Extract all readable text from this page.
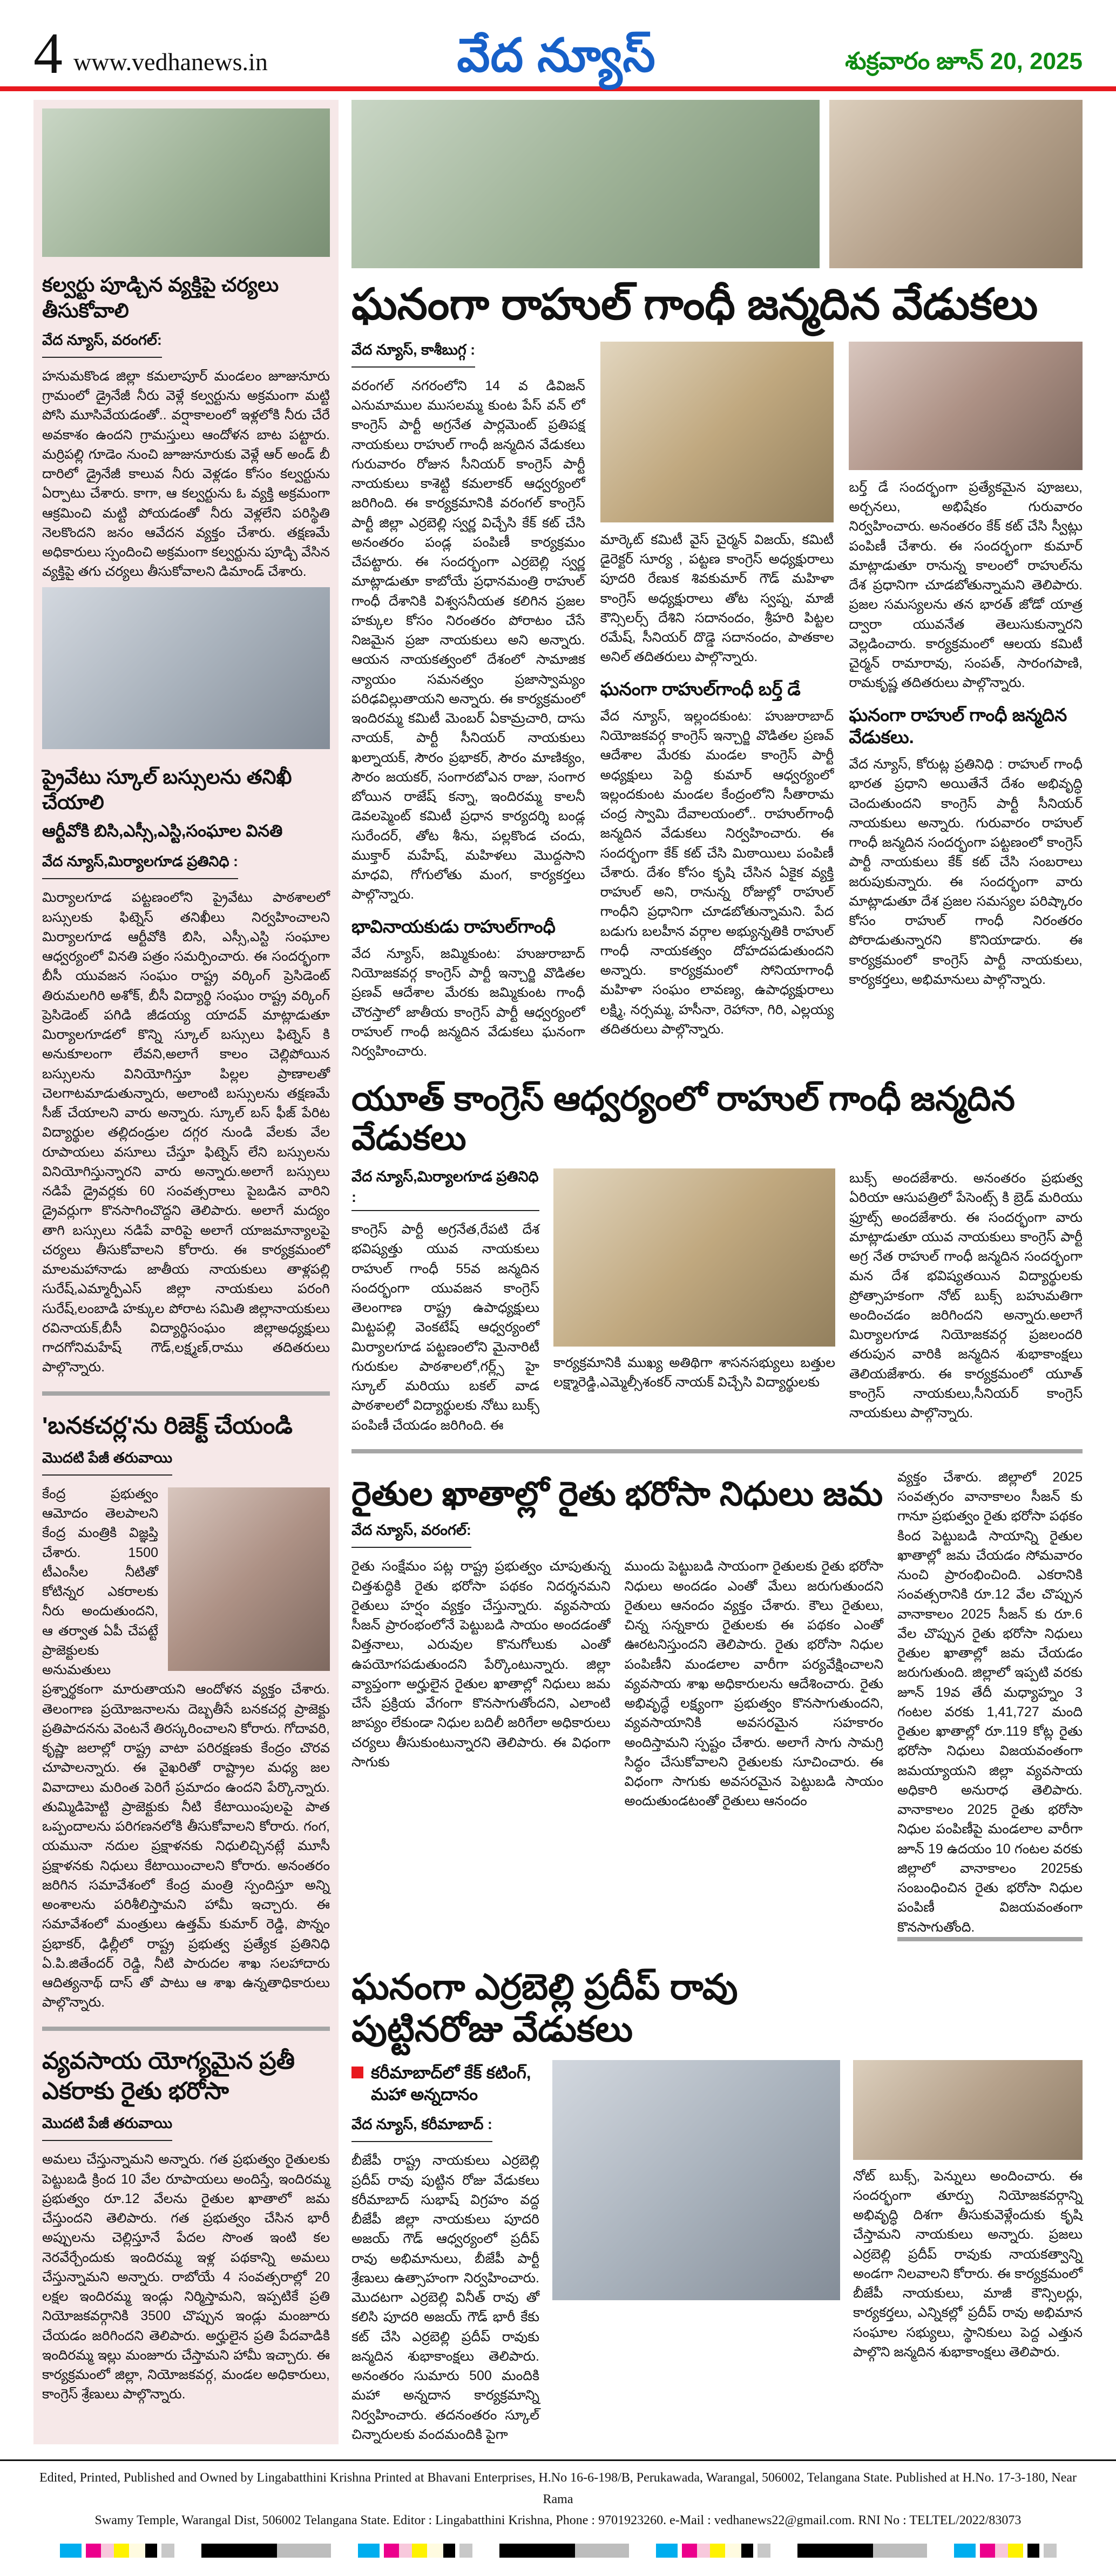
4 www.vedhanews.in	వేద న్యూస్	శుక్రవారం జూన్ 20, 2025
కల్వర్టు పూడ్చిన వ్యక్తిపై చర్యలు తీసుకోవాలి
వేద న్యూస్, వరంగల్:
హనుమకొండ జిల్లా కమలాపూర్ మండలం జూజునూరు గ్రామంలో డ్రైనేజీ నీరు వెళ్లే కల్వర్టును అక్రమంగా మట్టి పోసి మూసివేయడంతో.. వర్షాకాలంలో ఇళ్లలోకి నీరు చేరే అవకాశం ఉందని గ్రామస్తులు ఆందోళన బాట పట్టారు. మర్రిపల్లి గూడెం నుంచి జూజునూరుకు వెళ్లే ఆర్ అండ్ బీ దారిలో డ్రైనేజీ కాలువ నీరు వెళ్లడం కోసం కల్వర్టును ఏర్పాటు చేశారు. కాగా, ఆ కల్వర్టును ఓ వ్యక్తి అక్రమంగా ఆక్రమించి మట్టి పోయడంతో నీరు వెళ్లలేని పరిస్థితి నెలకొందని జనం ఆవేదన వ్యక్తం చేశారు. తక్షణమే అధికారులు స్పందించి అక్రమంగా కల్వర్టును పూడ్చి వేసిన వ్యక్తిపై తగు చర్యలు తీసుకోవాలని డిమాండ్ చేశారు.
ప్రైవేటు స్కూల్ బస్సులను తనిఖీ చేయాలి
ఆర్టీవోకి బిసి,ఎస్సీ,ఎస్టి,సంఘాల వినతి
వేద న్యూస్,మిర్యాలగూడ ప్రతినిధి :
మిర్యాలగూడ పట్టణంలోని ప్రైవేటు పాఠశాలలో బస్సులకు ఫిట్నెస్ తనిఖీలు నిర్వహించాలని మిర్యాలగూడ ఆర్టీవోకి బిసి, ఎస్సీ,ఎస్టి సంఘాల ఆధ్వర్యంలో వినతి పత్రం సమర్పించారు. ఈ సందర్భంగా బీసీ యువజన సంఘం రాష్ట్ర వర్కింగ్ ప్రెసిడెంట్ తిరుమలగిరి అశోక్, బీసీ విద్యార్థి సంఘం రాష్ట్ర వర్కింగ్ ప్రెసిడెంట్ పగిడి జీడయ్య యాదవ్ మాట్లాడుతూ మిర్యాలగూడలో కొన్ని స్కూల్ బస్సులు ఫిట్నెస్ కి అనుకూలంగా లేవని,అలాగే కాలం చెల్లిపోయిన బస్సులను వినియోగిస్తూ పిల్లల ప్రాణాలతో చెలగాటమాడుతున్నారు, అలాంటి బస్సులను తక్షణమే సీజ్ చేయాలని వారు అన్నారు. స్కూల్ బస్ ఫీజ్ పేరిట విద్యార్థుల తల్లిదండ్రుల దగ్గర నుండి వేలకు వేల రూపాయలు వసూలు చేస్తూ ఫిట్నెస్ లేని బస్సులను వినియోగిస్తున్నారని వారు అన్నారు.అలాగే బస్సులు నడిపే డ్రైవర్లకు 60 సంవత్సరాలు పైబడిన వారిని డ్రైవర్లుగా కొనసాగించొద్దని తెలిపారు. అలాగే మద్యం తాగి బస్సులు నడిపే వారిపై అలాగే యాజమాన్యాలపై చర్యలు తీసుకోవాలని కోరారు. ఈ కార్యక్రమంలో మాలమహానాడు జాతీయ నాయకులు తాళ్లపల్లి సురేష్,ఎమ్మార్పీఎస్ జిల్లా నాయకులు పరంగి సురేష్,లంబాడి హక్కుల పోరాట సమితి జిల్లానాయకులు రవినాయక్,బీసీ విద్యార్థిసంఘం జిల్లాఅధ్యక్షులు గాదగోనిమహేష్ గౌడ్,లక్ష్మణ్,రాము తదితరులు పాల్గొన్నారు.
'బనకచర్ల'ను రిజెక్ట్ చేయండి
మొదటి పేజీ తరువాయి
కేంద్ర ప్రభుత్వం ఆమోదం తెలపాలని కేంద్ర మంత్రికి విజ్ఞప్తి చేశారు. 1500 టీఎంసీల నీటితో కోటిన్నర ఎకరాలకు నీరు అందుతుందని, ఆ తర్వాత ఏపీ చేపట్టే ప్రాజెక్టులకు అనుమతులు ప్రశ్నార్థకంగా మారుతాయని ఆందోళన వ్యక్తం చేశారు. తెలంగాణ ప్రయోజనాలను దెబ్బతీసే బనకచర్ల ప్రాజెక్టు ప్రతిపాదనను వెంటనే తిరస్కరించాలని కోరారు. గోదావరి, కృష్ణా జలాల్లో రాష్ట్ర వాటా పరిరక్షణకు కేంద్రం చొరవ చూపాలన్నారు. ఈ వైఖరితో రాష్ట్రాల మధ్య జల వివాదాలు మరింత పెరిగే ప్రమాదం ఉందని పేర్కొన్నారు. తుమ్మిడిహెట్టి ప్రాజెక్టుకు నీటి కేటాయింపులపై పాత ఒప్పందాలను పరిగణనలోకి తీసుకోవాలని కోరారు. గంగ, యమునా నదుల ప్రక్షాళనకు నిధులిచ్చినట్లే మూసీ ప్రక్షాళనకు నిధులు కేటాయించాలని కోరారు. అనంతరం జరిగిన సమావేశంలో కేంద్ర మంత్రి స్పందిస్తూ అన్ని అంశాలను పరిశీలిస్తామని హామీ ఇచ్చారు. ఈ సమావేశంలో మంత్రులు ఉత్తమ్ కుమార్ రెడ్డి, పొన్నం ప్రభాకర్, ఢిల్లీలో రాష్ట్ర ప్రభుత్వ ప్రత్యేక ప్రతినిధి ఏ.పి.జితేందర్ రెడ్డి, నీటి పారుదల శాఖ సలహాదారు ఆదిత్యనాథ్ దాస్ తో పాటు ఆ శాఖ ఉన్నతాధికారులు పాల్గొన్నారు.
వ్యవసాయ యోగ్యమైన ప్రతీ ఎకరాకు రైతు భరోసా
మొదటి పేజీ తరువాయి
అమలు చేస్తున్నామని అన్నారు. గత ప్రభుత్వం రైతులకు పెట్టుబడి క్రింద 10 వేల రూపాయలు అందిస్తే, ఇందిరమ్మ ప్రభుత్వం రూ.12 వేలను రైతుల ఖాతాలో జమ చేస్తుందని తెలిపారు. గత ప్రభుత్వం చేసిన భారీ అప్పులను చెల్లిస్తూనే పేదల సొంత ఇంటి కల నెరవేర్చేందుకు ఇందిరమ్మ ఇళ్ల పథకాన్ని అమలు చేస్తున్నామని అన్నారు. రాబోయే 4 సంవత్సరాల్లో 20 లక్షల ఇందిరమ్మ ఇండ్లు నిర్మిస్తామని, ఇప్పటికే ప్రతి నియోజకవర్గానికి 3500 చొప్పున ఇండ్లు మంజూరు చేయడం జరిగిందని తెలిపారు. అర్హులైన ప్రతి పేదవాడికి ఇందిరమ్మ ఇల్లు మంజూరు చేస్తామని హామీ ఇచ్చారు. ఈ కార్యక్రమంలో జిల్లా, నియోజకవర్గ, మండల అధికారులు, కాంగ్రెస్ శ్రేణులు పాల్గొన్నారు.
ఘనంగా రాహుల్ గాంధీ జన్మదిన వేడుకలు
వేద న్యూస్, కాశీబుగ్గ :
వరంగల్ నగరంలోని 14 వ డివిజన్ ఎనుమాముల ముసలమ్మ కుంట పేస్ వన్ లో కాంగ్రెస్ పార్టీ అగ్రనేత పార్లమెంట్ ప్రతిపక్ష నాయకులు రాహుల్ గాంధీ జన్మదిన వేడుకలు గురువారం రోజున సీనియర్ కాంగ్రెస్ పార్టీ నాయకులు కాశెట్టి కమలాకర్ ఆధ్వర్యంలో జరిగింది. ఈ కార్యక్రమానికి వరంగల్ కాంగ్రెస్ పార్టీ జిల్లా ఎర్రబెల్లి స్వర్ణ విచ్చేసి కేక్ కట్ చేసి అనంతరం పండ్ల పంపిణీ కార్యక్రమం చేపట్టారు. ఈ సందర్భంగా ఎర్రబెల్లి స్వర్ణ మాట్లాడుతూ కాబోయే ప్రధానమంత్రి రాహుల్ గాంధీ దేశానికి విశ్వసనీయత కలిగిన ప్రజల హక్కుల కోసం నిరంతరం పోరాటం చేసే నిజమైన ప్రజా నాయకులు అని అన్నారు. ఆయన నాయకత్వంలో దేశంలో సామాజిక న్యాయం సమనత్వం ప్రజాస్వామ్యం పరిఢవిల్లుతాయని అన్నారు. ఈ కార్యక్రమంలో ఇందిరమ్మ కమిటీ మెంబర్ ఏకామ్రచారి, దాసు నాయక్, పార్టీ సీనియర్ నాయకులు ఖల్నాయక్, సౌరం ప్రభాకర్, సౌరం మాణిక్యం, సౌరం జయకర్, సంగారబోఎన రాజు, సంగార బోయిన రాజేష్ కన్నా, ఇందిరమ్మ కాలనీ డెవలప్మెంట్ కమిటీ ప్రధాన కార్యదర్శి బండ్ల సురేందర్, తోట శీను, పల్లకొండ చందు, ముక్తార్ మహేష్, మహిళలు మొద్దసాని మాధవి, గోగులోతు మంగ, కార్యకర్తలు పాల్గొన్నారు.
భావినాయకుడు రాహుల్‌గాంధీ
వేద న్యూస్, జమ్మికుంట: హుజురాబాద్ నియోజకవర్గ కాంగ్రెస్ పార్టీ ఇన్చార్జి వొడితల ప్రణవ్ ఆదేశాల మేరకు జమ్మికుంట గాంధీ చౌరస్తాలో జాతీయ కాంగ్రెస్ పార్టీ ఆధ్వర్యంలో రాహుల్ గాంధీ జన్మదిన వేడుకలు ఘనంగా నిర్వహించారు.
మార్కెట్ కమిటీ వైస్ చైర్మన్ విజయ్, కమిటీ డైరెక్టర్ సూర్య , పట్టణ కాంగ్రెస్ అధ్యక్షురాలు పూదరి రేణుక శివకుమార్ గౌడ్ మహిళా కాంగ్రెస్ అధ్యక్షురాలు తోట స్వప్న, మాజీ కౌన్సిలర్స్ దేశిని సదానందం, శ్రీహరి పిట్టల రమేష్, సీనియర్ దొడ్డె సదానందం, పాతకాల అనిల్ తదితరులు పాల్గొన్నారు.
ఘనంగా రాహుల్‌గాంధీ బర్త్ డే
వేద న్యూస్, ఇల్లందకుంట: హుజురాబాద్ నియోజకవర్గ కాంగ్రెస్ ఇన్చార్జి వొడితల ప్రణవ్ ఆదేశాల మేరకు మండల కాంగ్రెస్ పార్టీ అధ్యక్షులు పెద్ది కుమార్ ఆధ్వర్యంలో ఇల్లందకుంట మండల కేంద్రంలోని సీతారామ చంద్ర స్వామి దేవాలయంలో.. రాహుల్‌గాంధీ జన్మదిన వేడుకలు నిర్వహించారు. ఈ సందర్భంగా కేక్ కట్ చేసి మిఠాయిలు పంపిణీ చేశారు. దేశం కోసం కృషి చేసిన ఏకైక వ్యక్తి రాహుల్ అని, రానున్న రోజుల్లో రాహుల్ గాంధీని ప్రధానిగా చూడబోతున్నామని. పేద బడుగు బలహీన వర్గాల అభ్యున్నతికి రాహుల్ గాంధీ నాయకత్వం దోహదపడుతుందని అన్నారు. కార్యక్రమంలో సోనియాగాంధీ మహిళా సంఘం లావణ్య, ఉపాధ్యక్షురాలు లక్ష్మి, నర్సమ్మ, హసీనా, రెహానా, గిరి, ఎల్లయ్య తదితరులు పాల్గొన్నారు.
బర్త్ డే సందర్భంగా ప్రత్యేకమైన పూజలు, అర్చనలు, అభిషేకం గురువారం నిర్వహించారు. అనంతరం కేక్ కట్ చేసి స్వీట్లు పంపిణీ చేశారు. ఈ సందర్భంగా కుమార్ మాట్లాడుతూ రానున్న కాలంలో రాహుల్‌ను దేశ ప్రధానిగా చూడబోతున్నామని తెలిపారు. ప్రజల సమస్యలను తన భారత్ జోడో యాత్ర ద్వారా యువనేత తెలుసుకున్నారని వెల్లడించారు. కార్యక్రమంలో ఆలయ కమిటీ చైర్మన్ రామారావు, సంపత్, సారంగపాణి, రామకృష్ణ తదితరులు పాల్గొన్నారు.
ఘనంగా రాహుల్ గాంధీ జన్మదిన వేడుకలు.
వేద న్యూస్, కోరుట్ల ప్రతినిధి : రాహుల్ గాంధీ భారత ప్రధాని అయితేనే దేశం అభివృద్ధి చెందుతుందని కాంగ్రెస్ పార్టీ సీనియర్ నాయకులు అన్నారు. గురువారం రాహుల్ గాంధీ జన్మదిన సందర్భంగా పట్టణంలో కాంగ్రెస్ పార్టీ నాయకులు కేక్ కట్ చేసి సంబరాలు జరుపుకున్నారు. ఈ సందర్భంగా వారు మాట్లాడుతూ దేశ ప్రజల సమస్యల పరిష్కారం కోసం రాహుల్ గాంధీ నిరంతరం పోరాడుతున్నారని కొనియాడారు. ఈ కార్యక్రమంలో కాంగ్రెస్ పార్టీ నాయకులు, కార్యకర్తలు, అభిమానులు పాల్గొన్నారు.
యూత్ కాంగ్రెస్ ఆధ్వర్యంలో రాహుల్ గాంధీ జన్మదిన వేడుకలు
వేద న్యూస్,మిర్యాలగూడ ప్రతినిధి :
కాంగ్రెస్ పార్టీ అగ్రనేత,రేపటి దేశ భవిష్యత్తు యువ నాయకులు రాహుల్ గాంధీ 55వ జన్మదిన సందర్భంగా యువజన కాంగ్రెస్ తెలంగాణ రాష్ట్ర ఉపాధ్యక్షులు మిట్టపల్లి వెంకటేష్ ఆధ్వర్యంలో మిర్యాలగూడ పట్టణంలోని మైనారిటీ గురుకుల పాఠశాలలో,గర్ల్స్ హై స్కూల్ మరియు బకల్ వాడ పాఠశాలలో విద్యార్థులకు నోటు బుక్స్ పంపిణీ చేయడం జరిగింది. ఈ
కార్యక్రమానికి ముఖ్య అతిథిగా శాసనసభ్యులు బత్తుల లక్ష్మారెడ్డి,ఎమ్మెల్సీశంకర్ నాయక్ విచ్చేసి విద్యార్థులకు
బుక్స్ అందజేశారు. అనంతరం ప్రభుత్వ ఏరియా ఆసుపత్రిలో పేసెంట్స్ కి బ్రెడ్ మరియు ఫ్రూట్స్ అందజేశారు. ఈ సందర్భంగా వారు మాట్లాడుతూ యువ నాయకులు కాంగ్రెస్ పార్టీ అగ్ర నేత రాహుల్ గాంధీ జన్మదిన సందర్భంగా మన దేశ భవిష్యతయిన విద్యార్థులకు ప్రోత్సాహకంగా నోట్ బుక్స్ బహుమతిగా అందించడం జరిగిందని అన్నారు.అలాగే మిర్యాలగూడ నియోజకవర్గ ప్రజలందరి తరుపున వారికి జన్మదిన శుభాకాంక్షలు తెలియజేశారు. ఈ కార్యక్రమంలో యూత్ కాంగ్రెస్ నాయకులు,సీనియర్ కాంగ్రెస్ నాయకులు పాల్గొన్నారు.
రైతుల ఖాతాల్లో రైతు భరోసా నిధులు జమ
వేద న్యూస్, వరంగల్:
రైతు సంక్షేమం పట్ల రాష్ట్ర ప్రభుత్వం చూపుతున్న చిత్తశుద్ధికి రైతు భరోసా పథకం నిదర్శనమని రైతులు హర్షం వ్యక్తం చేస్తున్నారు. వ్యవసాయ సీజన్ ప్రారంభంలోనే పెట్టుబడి సాయం అందడంతో విత్తనాలు, ఎరువుల కొనుగోలుకు ఎంతో ఉపయోగపడుతుందని పేర్కొంటున్నారు. జిల్లా వ్యాప్తంగా అర్హులైన రైతుల ఖాతాల్లో నిధులు జమ చేసే ప్రక్రియ వేగంగా కొనసాగుతోందని, ఎలాంటి జాప్యం లేకుండా నిధుల బదిలీ జరిగేలా అధికారులు చర్యలు తీసుకుంటున్నారని తెలిపారు. ఈ విధంగా సాగుకు
ముందు పెట్టుబడి సాయంగా రైతులకు రైతు భరోసా నిధులు అందడం ఎంతో మేలు జరుగుతుందని రైతులు ఆనందం వ్యక్తం చేశారు. కౌలు రైతులు, చిన్న సన్నకారు రైతులకు ఈ పథకం ఎంతో ఊరటనిస్తుందని తెలిపారు. రైతు భరోసా నిధుల పంపిణీని మండలాల వారీగా పర్యవేక్షించాలని వ్యవసాయ శాఖ అధికారులను ఆదేశించారు. రైతు అభివృద్ధే లక్ష్యంగా ప్రభుత్వం కొనసాగుతుందని, వ్యవసాయానికి అవసరమైన సహకారం అందిస్తామని స్పష్టం చేశారు. అలాగే సాగు సామగ్రి సిద్ధం చేసుకోవాలని రైతులకు సూచించారు. ఈ విధంగా సాగుకు అవసరమైన పెట్టుబడి సాయం అందుతుండటంతో రైతులు ఆనందం
వ్యక్తం చేశారు. జిల్లాలో 2025 సంవత్సరం వానాకాలం సీజన్ కు గానూ ప్రభుత్వం రైతు భరోసా పథకం కింద పెట్టుబడి సాయాన్ని రైతుల ఖాతాల్లో జమ చేయడం సోమవారం నుంచి ప్రారంభించింది. ఎకరానికి సంవత్సరానికి రూ.12 వేల చొప్పున వానాకాలం 2025 సీజన్ కు రూ.6 వేల చొప్పున రైతు భరోసా నిధులు రైతుల ఖాతాల్లో జమ చేయడం జరుగుతుంది. జిల్లాలో ఇప్పటి వరకు జూన్ 19వ తేదీ మధ్యాహ్నం 3 గంటల వరకు 1,41,727 మంది రైతుల ఖాతాల్లో రూ.119 కోట్ల రైతు భరోసా నిధులు విజయవంతంగా జమయ్యాయని జిల్లా వ్యవసాయ అధికారి అనురాధ తెలిపారు. వానాకాలం 2025 రైతు భరోసా నిధుల పంపిణీపై మండలాల వారీగా జూన్ 19 ఉదయం 10 గంటల వరకు జిల్లాలో వానాకాలం 2025కు సంబంధించిన రైతు భరోసా నిధుల పంపిణీ విజయవంతంగా కొనసాగుతోంది.
ఘనంగా ఎర్రబెల్లి ప్రదీప్ రావు పుట్టినరోజు వేడుకలు
కరీమాబాద్‌లో కేక్ కటింగ్, మహా అన్నదానం
వేద న్యూస్, కరీమాబాద్ :
బీజేపీ రాష్ట్ర నాయకులు ఎర్రబెల్లి ప్రదీప్ రావు పుట్టిన రోజు వేడుకలు కరీమాబాద్ సుభాష్ విగ్రహం వద్ద బీజేపీ జిల్లా నాయకులు పూదరి అజయ్ గౌడ్ ఆధ్వర్యంలో ప్రదీప్ రావు అభిమానులు, బీజేపీ పార్టీ శ్రేణులు ఉత్సాహంగా నిర్వహించారు. మొదటగా ఎర్రబెల్లి వినీత్ రావు తో కలిసి పూదరి అజయ్ గౌడ్ భారీ కేకు కట్ చేసి ఎర్రబెల్లి ప్రదీప్ రావుకు జన్మదిన శుభాకాంక్షలు తెలిపారు. అనంతరం సుమారు 500 మందికి మహా అన్నదాన కార్యక్రమాన్ని నిర్వహించారు. తదనంతరం స్కూల్ చిన్నారులకు వందమందికి పైగా
నోట్ బుక్స్, పెన్నులు అందించారు. ఈ సందర్భంగా తూర్పు నియోజకవర్గాన్ని అభివృద్ధి దిశగా తీసుకువెళ్లేందుకు కృషి చేస్తామని నాయకులు అన్నారు. ప్రజలు ఎర్రబెల్లి ప్రదీప్ రావుకు నాయకత్వాన్ని అండగా నిలవాలని కోరారు. ఈ కార్యక్రమంలో బీజేపీ నాయకులు, మాజీ కౌన్సిలర్లు, కార్యకర్తలు, ఎన్నికల్లో ప్రదీప్ రావు అభిమాన సంఘాల సభ్యులు, స్థానికులు పెద్ద ఎత్తున పాల్గొని జన్మదిన శుభాకాంక్షలు తెలిపారు.
Edited, Printed, Published and Owned by Lingabatthini Krishna Printed at Bhavani Enterprises, H.No 16-6-198/B, Perukawada, Warangal, 506002, Telangana State. Published at H.No. 17-3-180, Near Rama
Swamy Temple, Warangal Dist, 506002 Telangana State. Editor : Lingabatthini Krishna, Phone : 9701923260. e-Mail : vedhanews22@gmail.com. RNI No : TELTEL/2022/83073
